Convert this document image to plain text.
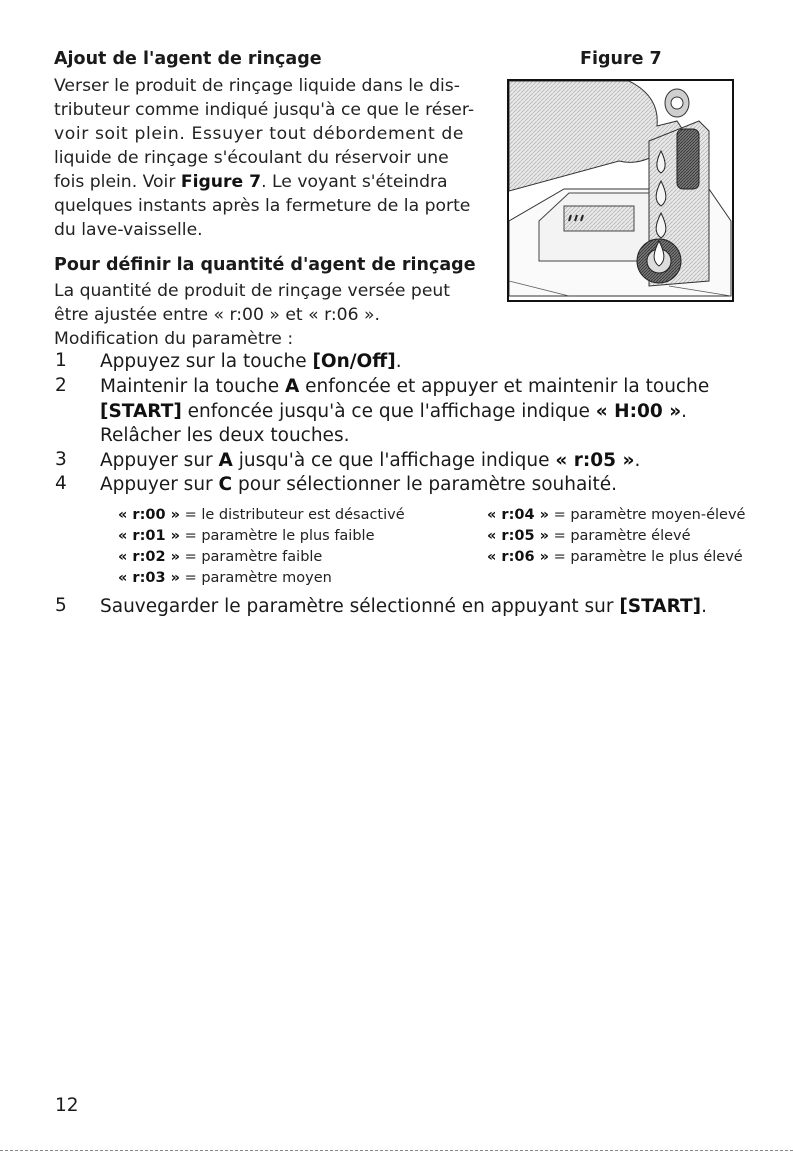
Ajout de l'agent de rinçage	Figure 7
Verser le produit de rinçage liquide dans le dis-
tributeur comme indiqué jusqu'à ce que le réser-
voir soit plein. Essuyer tout débordement de
liquide de rinçage s'écoulant du réservoir une
fois plein. Voir Figure 7. Le voyant s'éteindra
quelques instants après la fermeture de la porte
du lave-vaisselle.
Pour définir la quantité d'agent de rinçage
La quantité de produit de rinçage versée peut
être ajustée entre « r:00 » et « r:06 ».
Modification du paramètre :
1 Appuyez sur la touche [On/Off].
2 Maintenir la touche A enfoncée et appuyer et maintenir la touche
[START] enfoncée jusqu'à ce que l'affichage indique « H:00 ».
Relâcher les deux touches.
3 Appuyer sur A jusqu'à ce que l'affichage indique « r:05 ».
4 Appuyer sur C pour sélectionner le paramètre souhaité.
« r:00 » = le distributeur est désactivé
« r:01 » = paramètre le plus faible
« r:02 » = paramètre faible
« r:03 » = paramètre moyen
« r:04 » = paramètre moyen-élevé
« r:05 » = paramètre élevé
« r:06 » = paramètre le plus élevé
5 Sauvegarder le paramètre sélectionné en appuyant sur [START].
12
